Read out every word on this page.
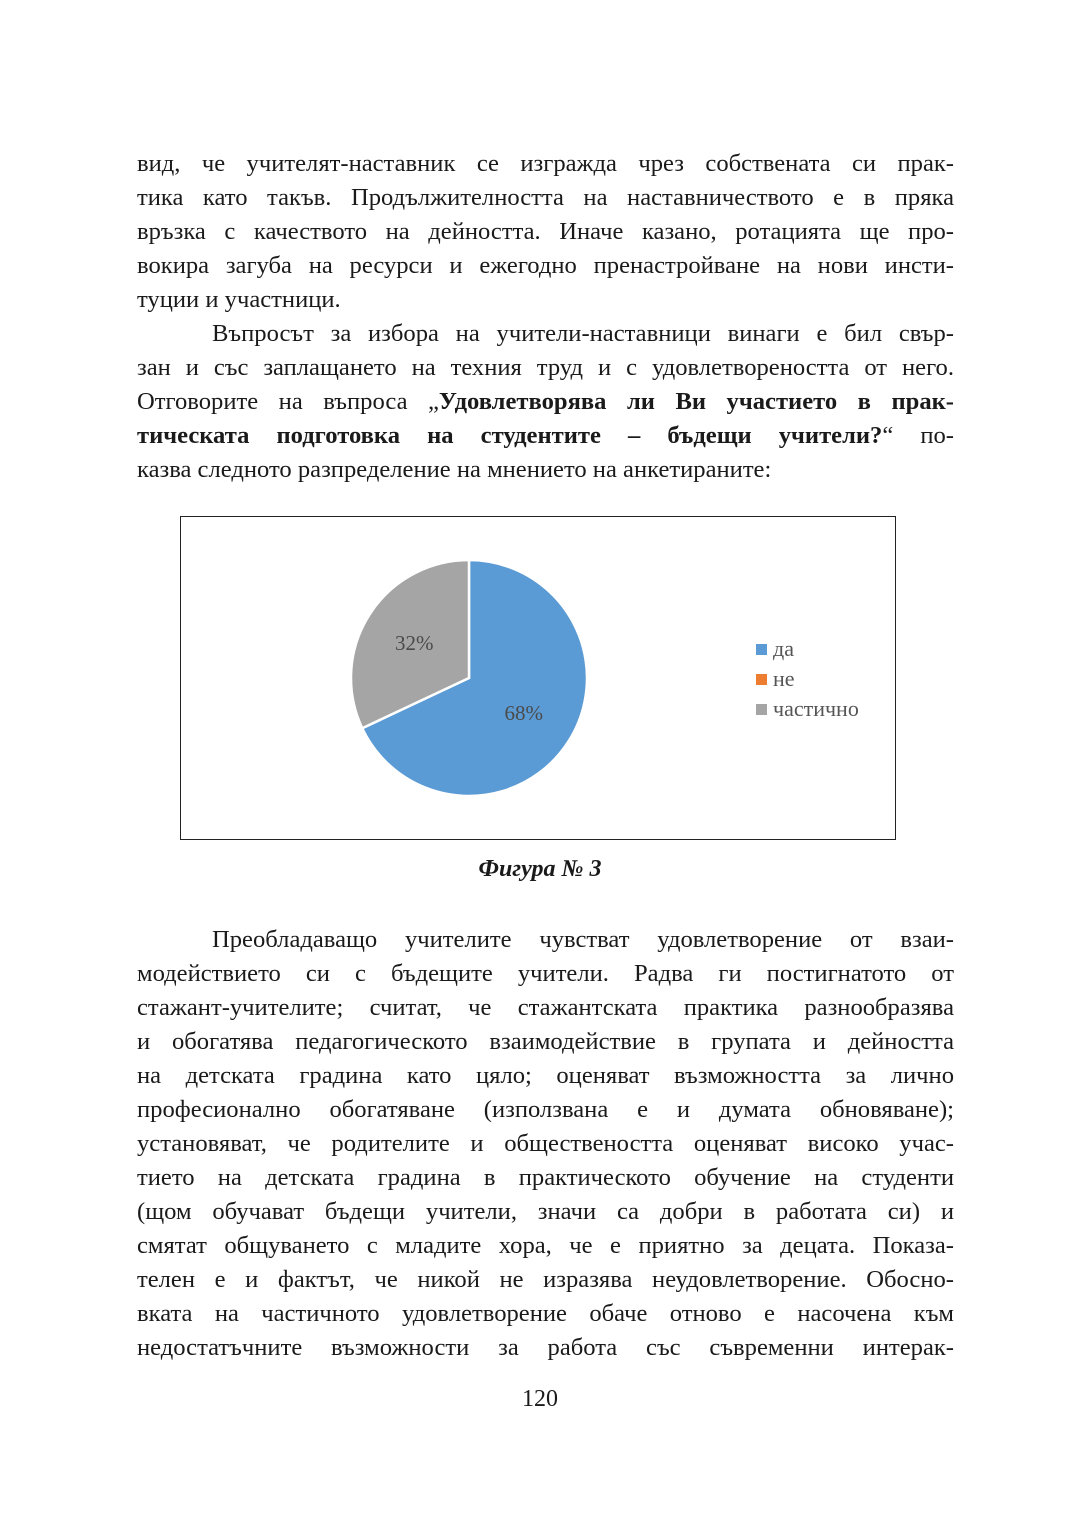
вид, че учителят-наставник се изгражда чрез собствената си прак-
тика като такъв. Продължителността на наставничеството е в пряка
връзка с качеството на дейността. Иначе казано, ротацията ще про-
вокира загуба на ресурси и ежегодно пренастройване на нови инсти-
туции и участници.
Въпросът за избора на учители-наставници винаги е бил свър-
зан и със заплащането на техния труд и с удовлетвореността от него.
Отговорите на въпроса „Удовлетворява ли Ви участието в прак-
тическата подготовка на студентите – бъдещи учители?“ по-
казва следното разпределение на мнението на анкетираните:
68%
32%	да
не
частично
Фигура № 3
Преобладаващо учителите чувстват удовлетворение от взаи-
модействието си с бъдещите учители. Радва ги постигнатото от
стажант-учителите; считат, че стажантската практика разнообразява
и обогатява педагогическото взаимодействие в групата и дейността
на детската градина като цяло; оценяват възможността за лично
професионално обогатяване (използвана е и думата обновяване);
установяват, че родителите и обществеността оценяват високо учас-
тието на детската градина в практическото обучение на студенти
(щом обучават бъдещи учители, значи са добри в работата си) и
смятат общуването с младите хора, че е приятно за децата. Показа-
телен е и фактът, че никой не изразява неудовлетворение. Обосно-
вката на частичното удовлетворение обаче отново е насочена към
недостатъчните възможности за работа със съвременни интерак-
120
